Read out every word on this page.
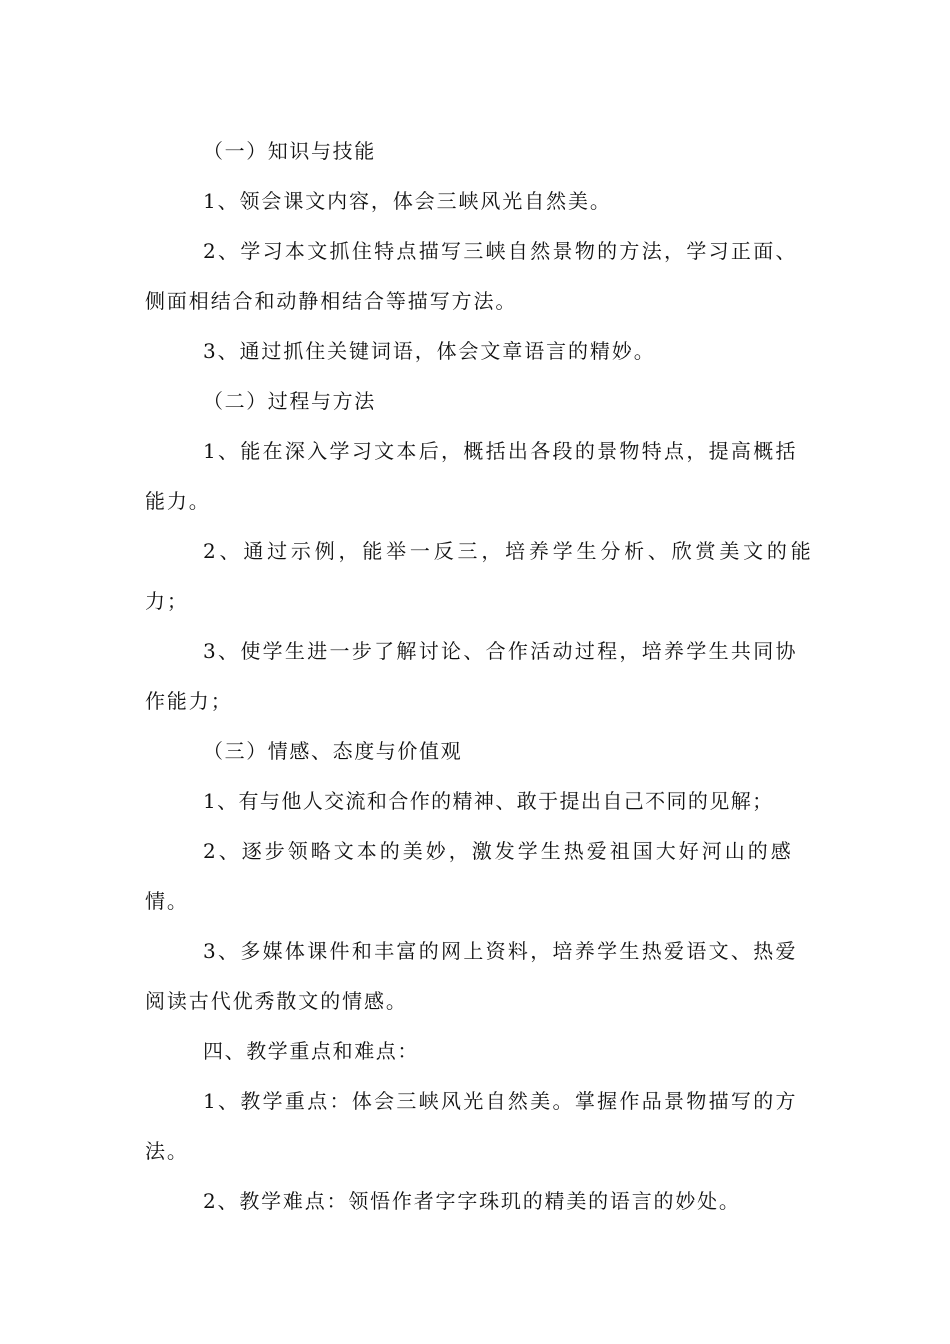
（一）知识与技能
1、领会课文内容，体会三峡风光自然美。
2、学习本文抓住特点描写三峡自然景物的方法，学习正面、
侧面相结合和动静相结合等描写方法。
3、通过抓住关键词语，体会文章语言的精妙。
（二）过程与方法
1、能在深入学习文本后，概括出各段的景物特点，提高概括
能力。
2、通过示例，能举一反三，培养学生分析、欣赏美文的能
力；
3、使学生进一步了解讨论、合作活动过程，培养学生共同协
作能力；
（三）情感、态度与价值观
1、有与他人交流和合作的精神、敢于提出自己不同的见解；
2、逐步领略文本的美妙，激发学生热爱祖国大好河山的感
情。
3、多媒体课件和丰富的网上资料，培养学生热爱语文、热爱
阅读古代优秀散文的情感。
四、教学重点和难点：
1、教学重点：体会三峡风光自然美。掌握作品景物描写的方
法。
2、教学难点：领悟作者字字珠玑的精美的语言的妙处。
